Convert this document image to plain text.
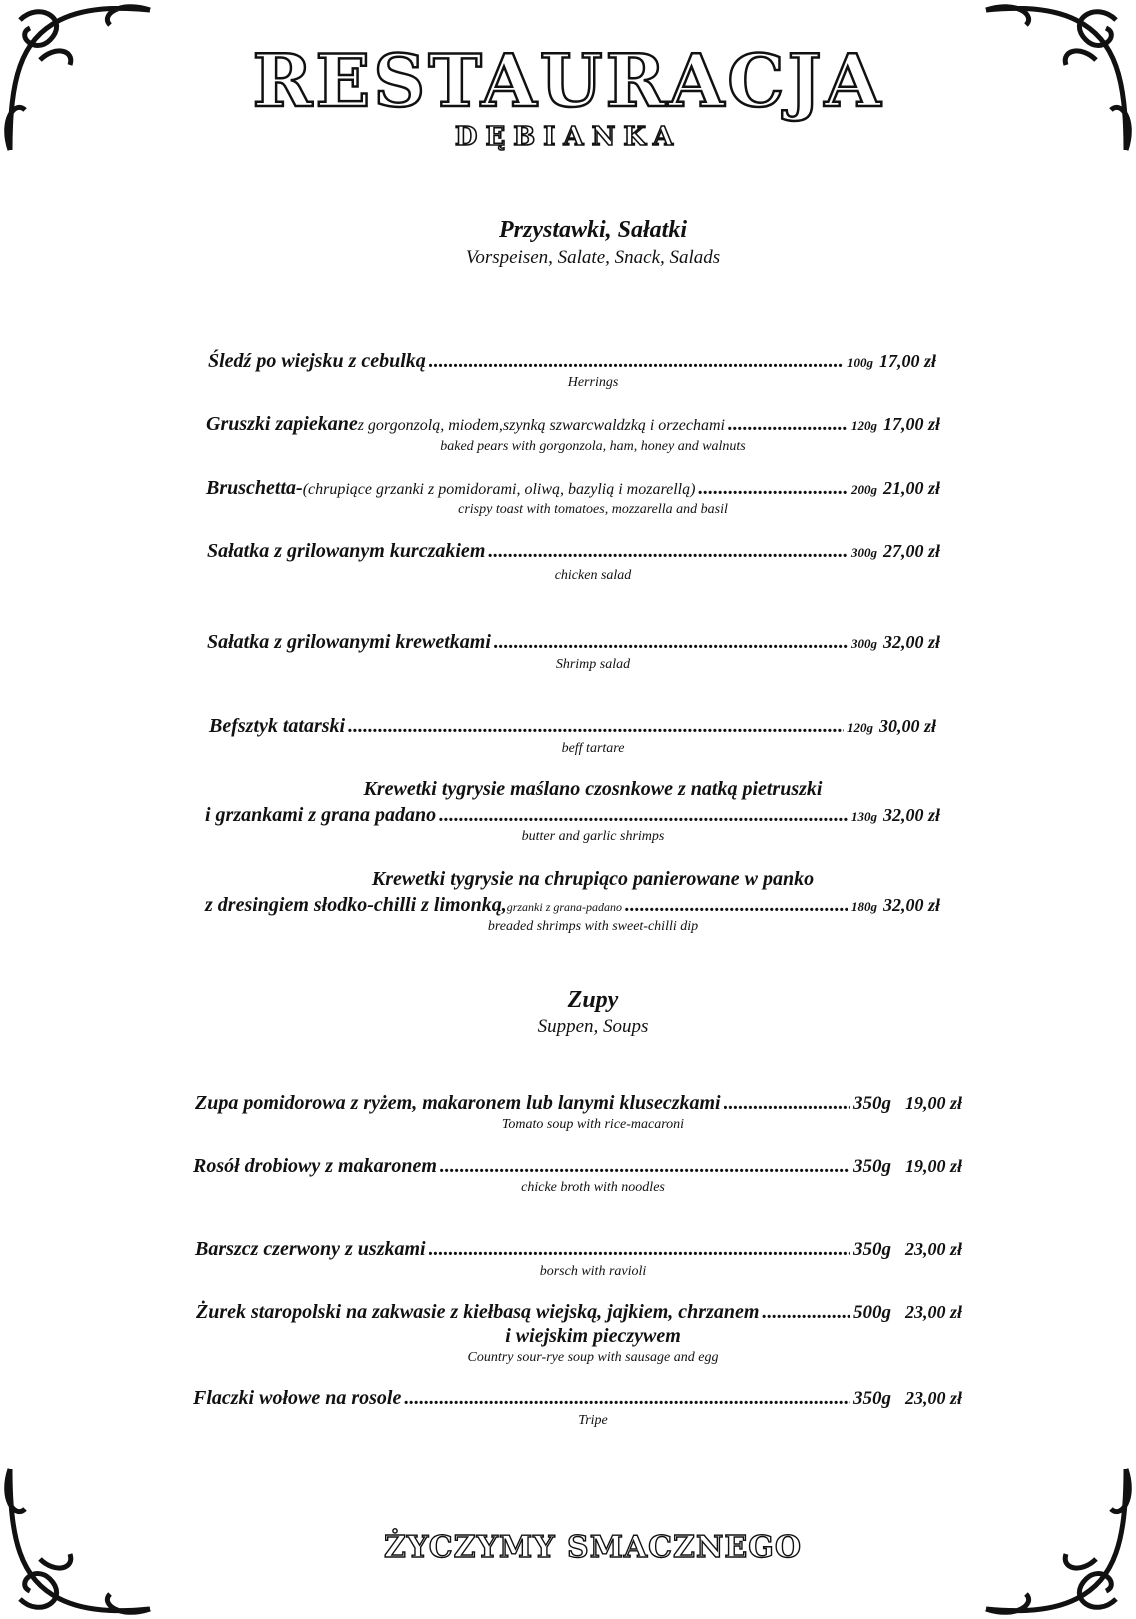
RESTAURACJA
DĘBIANKA
Przystawki, Sałatki
Vorspeisen, Salate, Snack, Salads
Zupy
Suppen, Soups
Śledź po wiejsku z cebulką .....	100g 17,00 zł
Herrings
Gruszki zapiekane z gorgonzolą, miodem,szynką szwarcwaldzką i orzechami .....	120g 17,00 zł
baked pears with gorgonzola, ham, honey and walnuts
Bruschetta- (chrupiące grzanki z pomidorami, oliwą, bazylią i mozarellą) .....	200g 21,00 zł
crispy toast with tomatoes, mozzarella and basil
Sałatka z grilowanym kurczakiem .....	300g 27,00 zł
chicken salad
Sałatka z grilowanymi krewetkami .....	300g 32,00 zł
Shrimp salad
Befsztyk tatarski .....	120g 30,00 zł
beff tartare
Krewetki tygrysie maślano czosnkowe z natką pietruszki
i grzankami z grana padano .....	130g 32,00 zł
butter and garlic shrimps
Krewetki tygrysie na chrupiąco panierowane w panko
z dresingiem słodko-chilli z limonką, grzanki z grana-padano .....	180g 32,00 zł
breaded shrimps with sweet-chilli dip
Zupa pomidorowa z ryżem, makaronem lub lanymi kluseczkami .....	350g 19,00 zł
Tomato soup with rice-macaroni
Rosół drobiowy z makaronem .....	350g 19,00 zł
chicke broth with noodles
Barszcz czerwony z uszkami .....	350g 23,00 zł
borsch with ravioli
Żurek staropolski na zakwasie z kiełbasą wiejską, jajkiem, chrzanem .....	500g 23,00 zł
i wiejskim pieczywem
Country sour-rye soup with sausage and egg
Flaczki wołowe na rosole .....	350g 23,00 zł
Tripe
ŻYCZYMY SMACZNEGO
